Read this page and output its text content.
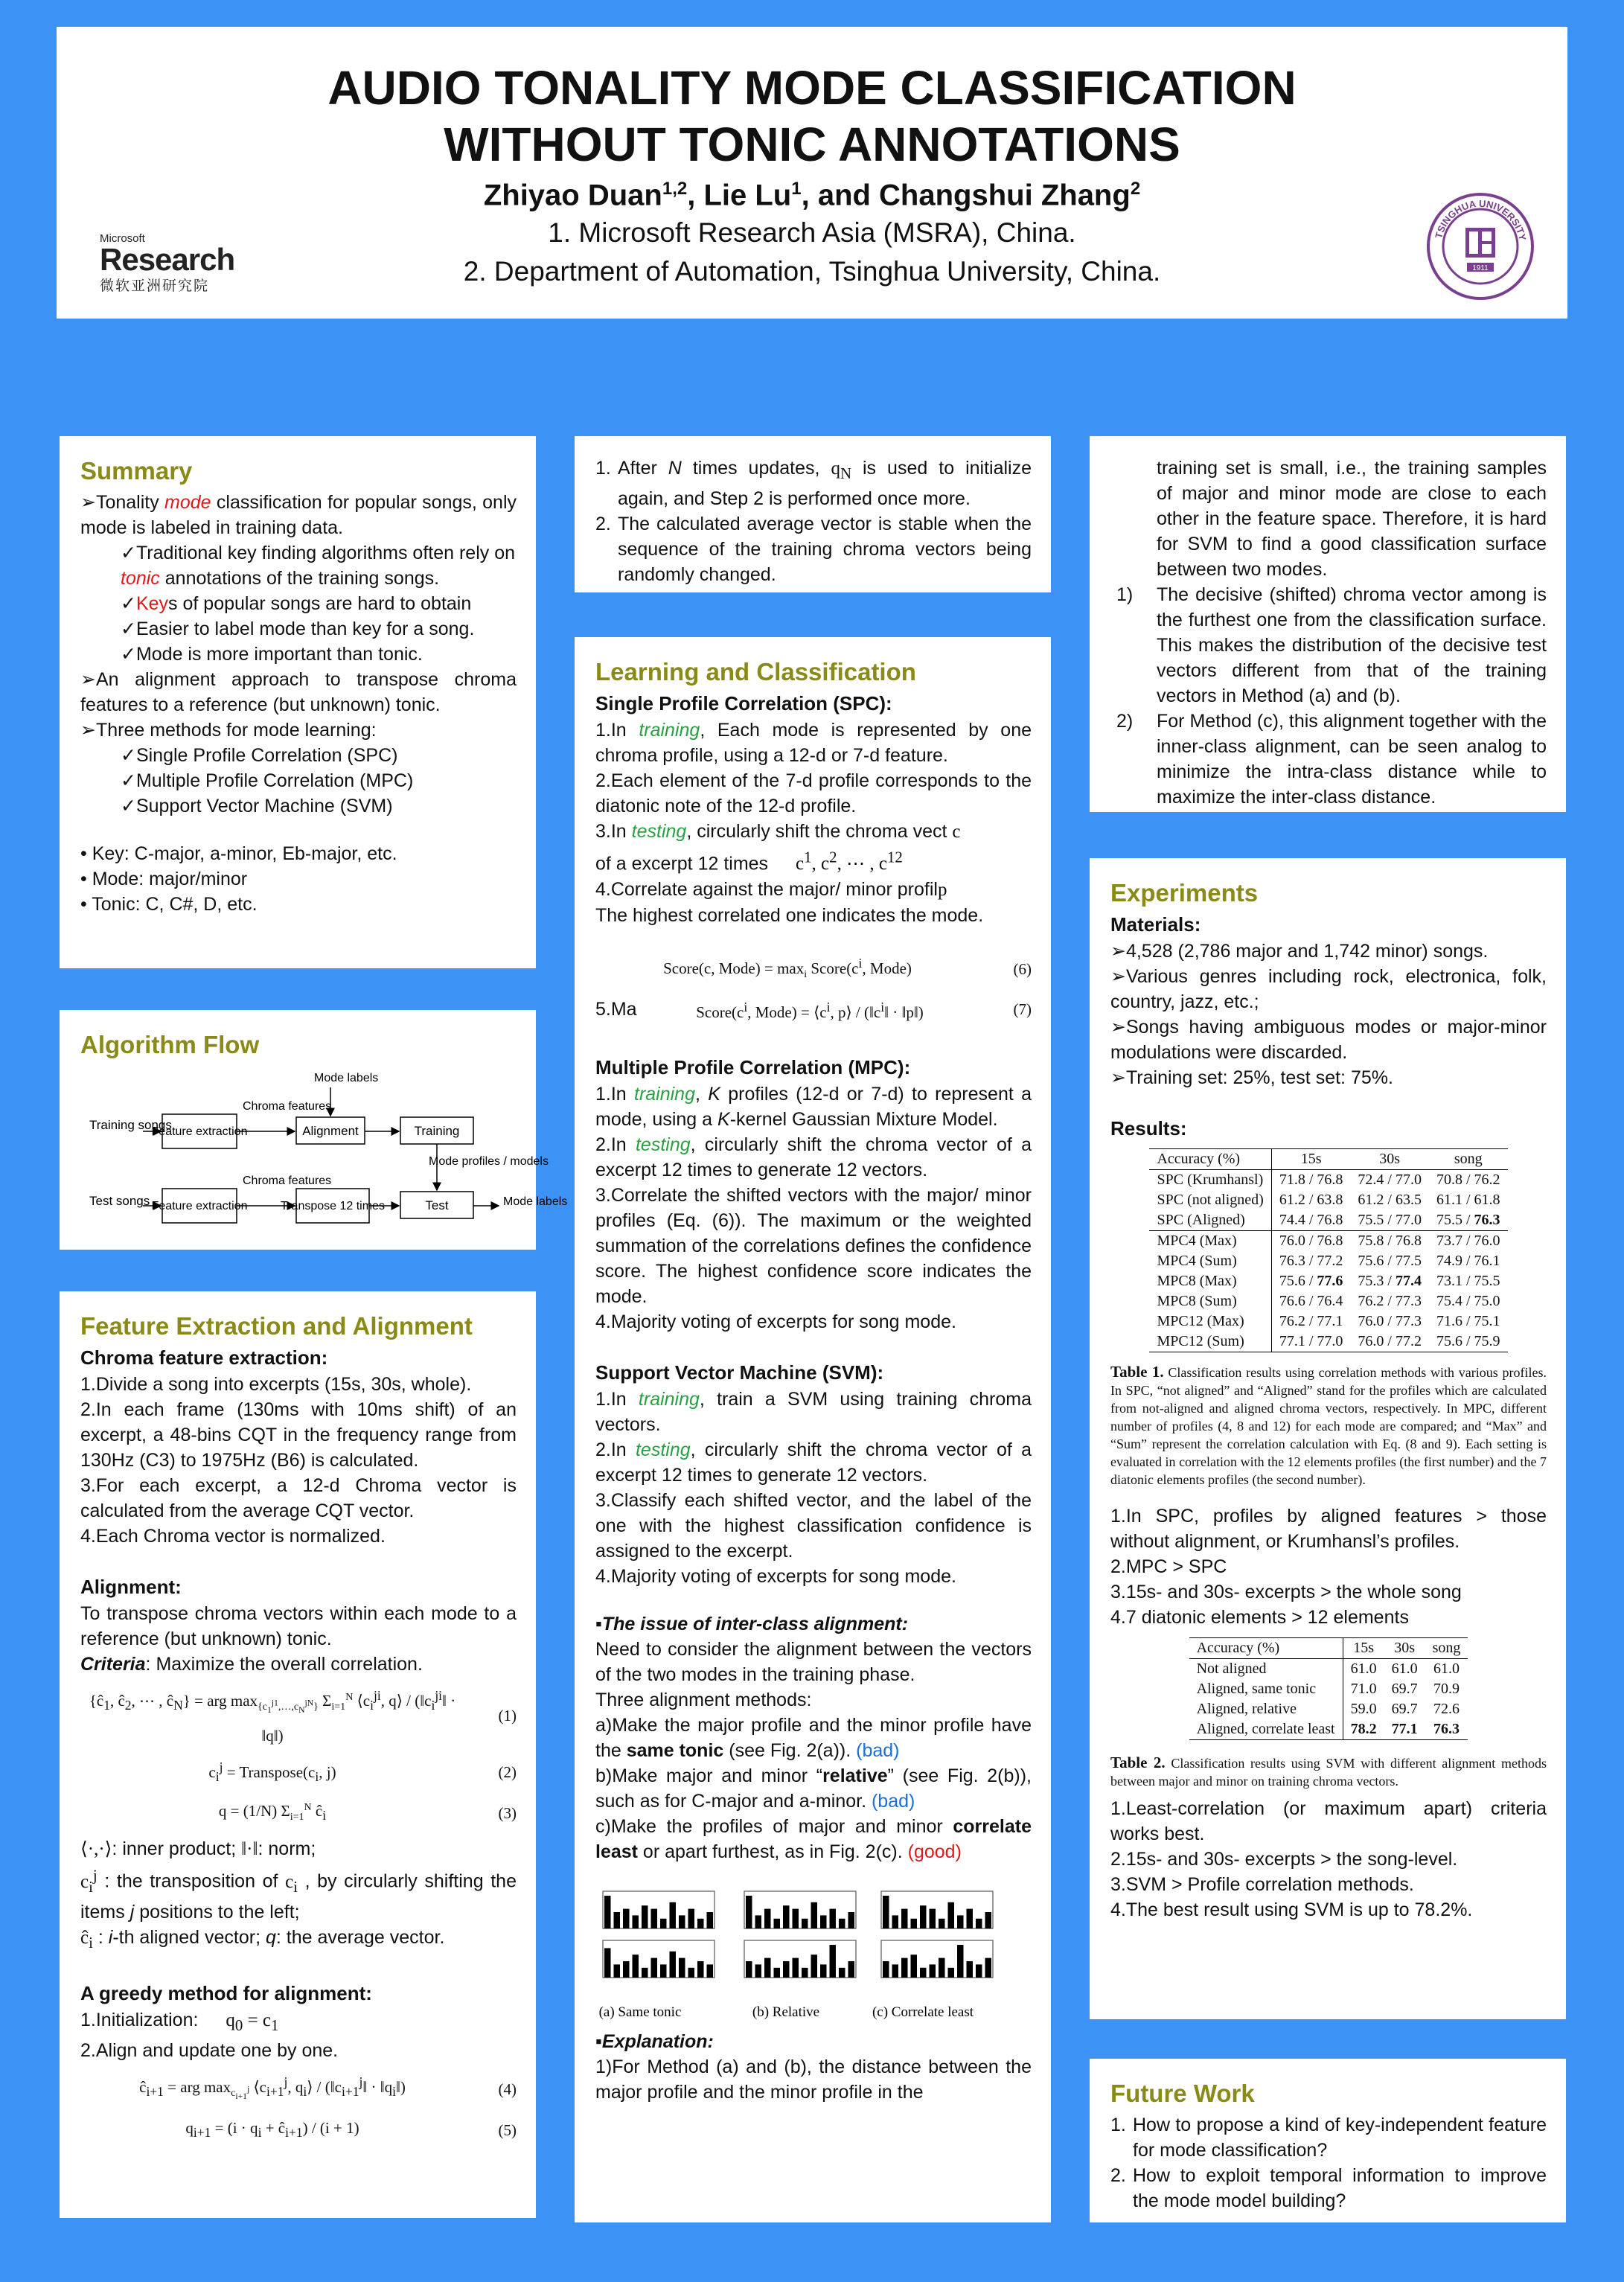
AUDIO TONALITY MODE CLASSIFICATION
WITHOUT TONIC ANNOTATIONS
Zhiyao Duan$^{1,2}$, Lie Lu$^1$, and Changshui Zhang$^2$
1. Microsoft Research Asia (MSRA), China.
2. Department of Automation, Tsinghua University, China.
Microsoft
Research
微软亚洲研究院
TSINGHUA UNIVERSITY
1911
Summary
➢Tonality mode classification for popular songs, only mode is labeled in training data.
✓Traditional key finding algorithms often rely on tonic annotations of the training songs.
✓Keys of popular songs are hard to obtain
✓Easier to label mode than key for a song.
✓Mode is more important than tonic.
➢An alignment approach to transpose chroma features to a reference (but unknown) tonic.
➢Three methods for mode learning:
✓Single Profile Correlation (SPC)
✓Multiple Profile Correlation (MPC)
✓Support Vector Machine (SVM)
• Key: C-major, a-minor, Eb-major, etc.
• Mode: major/minor
• Tonic: C, C#, D, etc.
Algorithm Flow
Training songs
Feature extraction
Chroma features
Alignment
Mode labels
Training
Mode profiles / models
Test songs Feature extraction
Chroma features
Transpose 12 times	Test	Mode labels
Feature Extraction and Alignment
Chroma feature extraction:
1.Divide a song into excerpts (15s, 30s, whole).
2.In each frame (130ms with 10ms shift) of an excerpt, a 48-bins CQT in the frequency range from 130Hz (C3) to 1975Hz (B6) is calculated.
3.For each excerpt, a 12-d Chroma vector is calculated from the average CQT vector.
4.Each Chroma vector is normalized.
Alignment:
To transpose chroma vectors within each mode to a reference (but unknown) tonic.
Criteria: Maximize the overall correlation.
{$ĉ_1$, $ĉ_2$, ⋯ , $ĉ_N$} = arg $\max_{\{c_1^{j1},\dots,c_N^{jN}\}} \Sigma_{i=1}^N$ $⟨c_i^{ji}$, q⟩ / ($‖c_i^{ji}‖$ · ‖q‖)
(1)
$c_i^j$ = $Transpose(c_i$, j)	(2)
q = (1/N) $\Sigma_{i=1}^N$ $ĉ_i$	(3)
⟨·,·⟩: inner product; ‖·‖: norm;
$c_i^j$ : the transposition of $c_i$ , by circularly shifting the items j positions to the left;
$ĉ_i$ : i-th aligned vector; q: the average vector.
A greedy method for alignment:
1.Initialization: $q_0 = c_1$
2.Align and update one by one.
$ĉ_{i+1}$ = arg $\max_{c_{i+1}^j}$ $⟨c_{i+1}^j$, $q_i⟩$ / ($‖c_{i+1}^j‖$ · $‖q_i‖$)	(4)
$q_{i+1} = (i \cdot q_i$ + $ĉ_{i+1}) / (i + 1)$	(5)
1. After N times updates, $q_N$ is used to initialize again, and Step 2 is performed once more.
2. The calculated average vector is stable when the sequence of the training chroma vectors being randomly changed.
Learning and Classification
Single Profile Correlation (SPC):
1.In training, Each mode is represented by one chroma profile, using a 12-d or 7-d feature.
2.Each element of the 7-d profile corresponds to the diatonic note of the 12-d profile.
3.In testing, circularly shift the chroma vect c
of a excerpt 12 times $c^1$, $c^2$, ⋯ , $c^{12}$
4.Correlate against the major/ minor profilp
The highest correlated one indicates the mode.
Score(c, Mode) = $\max_i$ $Score(c^i$, Mode)	(6)
5.Ma	$Score(c^i$, Mode) = $⟨c^i$, p⟩ / ($‖c^i‖$ · ‖p‖)	(7)
Multiple Profile Correlation (MPC):
1.In training, K profiles (12-d or 7-d) to represent a mode, using a K-kernel Gaussian Mixture Model.
2.In testing, circularly shift the chroma vector of a excerpt 12 times to generate 12 vectors.
3.Correlate the shifted vectors with the major/ minor profiles (Eq. (6)). The maximum or the weighted summation of the correlations defines the confidence score. The highest confidence score indicates the mode.
4.Majority voting of excerpts for song mode.
Support Vector Machine (SVM):
1.In training, train a SVM using training chroma vectors.
2.In testing, circularly shift the chroma vector of a excerpt 12 times to generate 12 vectors.
3.Classify each shifted vector, and the label of the one with the highest classification confidence is assigned to the excerpt.
4.Majority voting of excerpts for song mode.
▪The issue of inter-class alignment:
Need to consider the alignment between the vectors of the two modes in the training phase.
Three alignment methods:
a)Make the major profile and the minor profile have the same tonic (see Fig. 2(a)). (bad)
b)Make major and minor “relative” (see Fig. 2(b)), such as for C-major and a-minor. (bad)
c)Make the profiles of major and minor correlate least or apart furthest, as in Fig. 2(c). (good)
(a) Same tonic	(b) Relative	(c) Correlate least
▪Explanation:
1)For Method (a) and (b), the distance between the major profile and the minor profile in the
training set is small, i.e., the training samples of major and minor mode are close to each other in the feature space. Therefore, it is hard for SVM to find a good classification surface between two modes.
1)	The decisive (shifted) chroma vector among is the furthest one from the classification surface. This makes the distribution of the decisive test vectors different from that of the training vectors in Method (a) and (b).
2)	For Method (c), this alignment together with the inner-class alignment, can be seen analog to minimize the intra-class distance while to maximize the inter-class distance.
Experiments
Materials:
➢4,528 (2,786 major and 1,742 minor) songs.
➢Various genres including rock, electronica, folk, country, jazz, etc.;
➢Songs having ambiguous modes or major-minor modulations were discarded.
➢Training set: 25%, test set: 75%.
Results:
Accuracy (%)	15s	30s	song
SPC (Krumhansl)	71.8 / 76.8	72.4 / 77.0	70.8 / 76.2
SPC (not aligned)	61.2 / 63.8	61.2 / 63.5	61.1 / 61.8
SPC (Aligned)	74.4 / 76.8	75.5 / 77.0	75.5 / 76.3
MPC4 (Max)	76.0 / 76.8	75.8 / 76.8	73.7 / 76.0
MPC4 (Sum)	76.3 / 77.2	75.6 / 77.5	74.9 / 76.1
MPC8 (Max)	75.6 / 77.6	75.3 / 77.4	73.1 / 75.5
MPC8 (Sum)	76.6 / 76.4	76.2 / 77.3	75.4 / 75.0
MPC12 (Max)	76.2 / 77.1	76.0 / 77.3	71.6 / 75.1
MPC12 (Sum)	77.1 / 77.0	76.0 / 77.2	75.6 / 75.9
Table 1. Classification results using correlation methods with various profiles. In SPC, “not aligned” and “Aligned” stand for the profiles which are calculated from not-aligned and aligned chroma vectors, respectively. In MPC, different number of profiles (4, 8 and 12) for each mode are compared; and “Max” and “Sum” represent the correlation calculation with Eq. (8 and 9). Each setting is evaluated in correlation with the 12 elements profiles (the first number) and the 7 diatonic elements profiles (the second number).
1.In SPC, profiles by aligned features > those without alignment, or Krumhansl’s profiles.
2.MPC > SPC
3.15s- and 30s- excerpts > the whole song
4.7 diatonic elements > 12 elements
Accuracy (%)	15s	30s	song
Not aligned	61.0	61.0	61.0
Aligned, same tonic	71.0	69.7	70.9
Aligned, relative	59.0	69.7	72.6
Aligned, correlate least	78.2	77.1	76.3
Table 2. Classification results using SVM with different alignment methods between major and minor on training chroma vectors.
1.Least-correlation (or maximum apart) criteria works best.
2.15s- and 30s- excerpts > the song-level.
3.SVM > Profile correlation methods.
4.The best result using SVM is up to 78.2%.
Future Work
1. How to propose a kind of key-independent feature for mode classification?
2. How to exploit temporal information to improve the mode model building?
